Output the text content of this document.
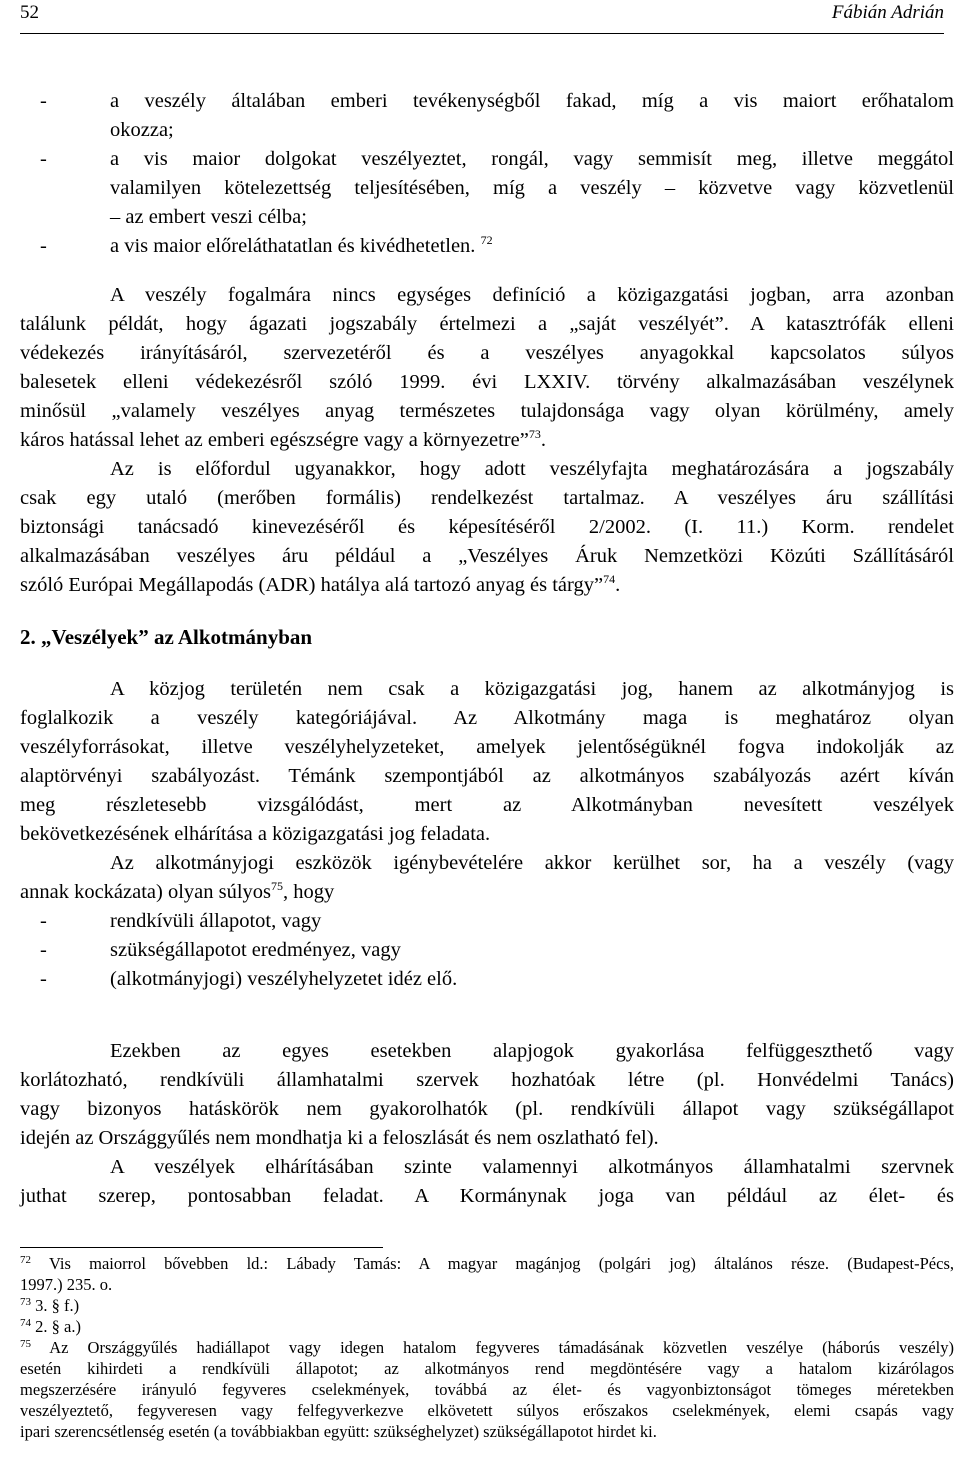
52	Fábián Adrián
-	a veszély általában emberi tevékenységből fakad, míg a vis maiort erőhatalom
okozza;
-	a vis maior dolgokat veszélyeztet, rongál, vagy semmisít meg, illetve meggátol
valamilyen kötelezettség teljesítésében, míg a veszély – közvetve vagy közvetlenül
– az embert veszi célba;
-	a vis maior előreláthatatlan és kivédhetetlen. $^{72}$
A veszély fogalmára nincs egységes definíció a közigazgatási jogban, arra azonban
találunk példát, hogy ágazati jogszabály értelmezi a „saját veszélyét”. A katasztrófák elleni
védekezés irányításáról, szervezetéről és a veszélyes anyagokkal kapcsolatos súlyos
balesetek elleni védekezésről szóló 1999. évi LXXIV. törvény alkalmazásában veszélynek
minősül „valamely veszélyes anyag természetes tulajdonsága vagy olyan körülmény, amely
káros hatással lehet az emberi egészségre vagy a környezetre”$^{73}$.
Az is előfordul ugyanakkor, hogy adott veszélyfajta meghatározására a jogszabály
csak egy utaló (merőben formális) rendelkezést tartalmaz. A veszélyes áru szállítási
biztonsági tanácsadó kinevezéséről és képesítéséről 2/2002. (I. 11.) Korm. rendelet
alkalmazásában veszélyes áru például a „Veszélyes Áruk Nemzetközi Közúti Szállításáról
szóló Európai Megállapodás (ADR) hatálya alá tartozó anyag és tárgy”$^{74}$.
2. „Veszélyek” az Alkotmányban
A közjog területén nem csak a közigazgatási jog, hanem az alkotmányjog is
foglalkozik a veszély kategóriájával. Az Alkotmány maga is meghatároz olyan
veszélyforrásokat, illetve veszélyhelyzeteket, amelyek jelentőségüknél fogva indokolják az
alaptörvényi szabályozást. Témánk szempontjából az alkotmányos szabályozás azért kíván
meg részletesebb vizsgálódást, mert az Alkotmányban nevesített veszélyek
bekövetkezésének elhárítása a közigazgatási jog feladata.
Az alkotmányjogi eszközök igénybevételére akkor kerülhet sor, ha a veszély (vagy
annak kockázata) olyan súlyos$^{75}$, hogy
-	rendkívüli állapotot, vagy
-	szükségállapotot eredményez, vagy
-	(alkotmányjogi) veszélyhelyzetet idéz elő.
Ezekben az egyes esetekben alapjogok gyakorlása felfüggeszthető vagy
korlátozható, rendkívüli államhatalmi szervek hozhatóak létre (pl. Honvédelmi Tanács)
vagy bizonyos hatáskörök nem gyakorolhatók (pl. rendkívüli állapot vagy szükségállapot
idején az Országgyűlés nem mondhatja ki a feloszlását és nem oszlatható fel).
A veszélyek elhárításában szinte valamennyi alkotmányos államhatalmi szervnek
juthat szerep, pontosabban feladat. A Kormánynak joga van például az élet- és
$^{72}$ Vis maiorrol bővebben ld.: Lábady Tamás: A magyar magánjog (polgári jog) általános része. (Budapest-Pécs,
1997.) 235. o.
$^{73}$ 3. § f.)
$^{74}$ 2. § a.)
$^{75}$ Az Országgyűlés hadiállapot vagy idegen hatalom fegyveres támadásának közvetlen veszélye (háborús veszély)
esetén kihirdeti a rendkívüli állapotot; az alkotmányos rend megdöntésére vagy a hatalom kizárólagos
megszerzésére irányuló fegyveres cselekmények, továbbá az élet- és vagyonbiztonságot tömeges méretekben
veszélyeztető, fegyveresen vagy felfegyverkezve elkövetett súlyos erőszakos cselekmények, elemi csapás vagy
ipari szerencsétlenség esetén (a továbbiakban együtt: szükséghelyzet) szükségállapotot hirdet ki.
